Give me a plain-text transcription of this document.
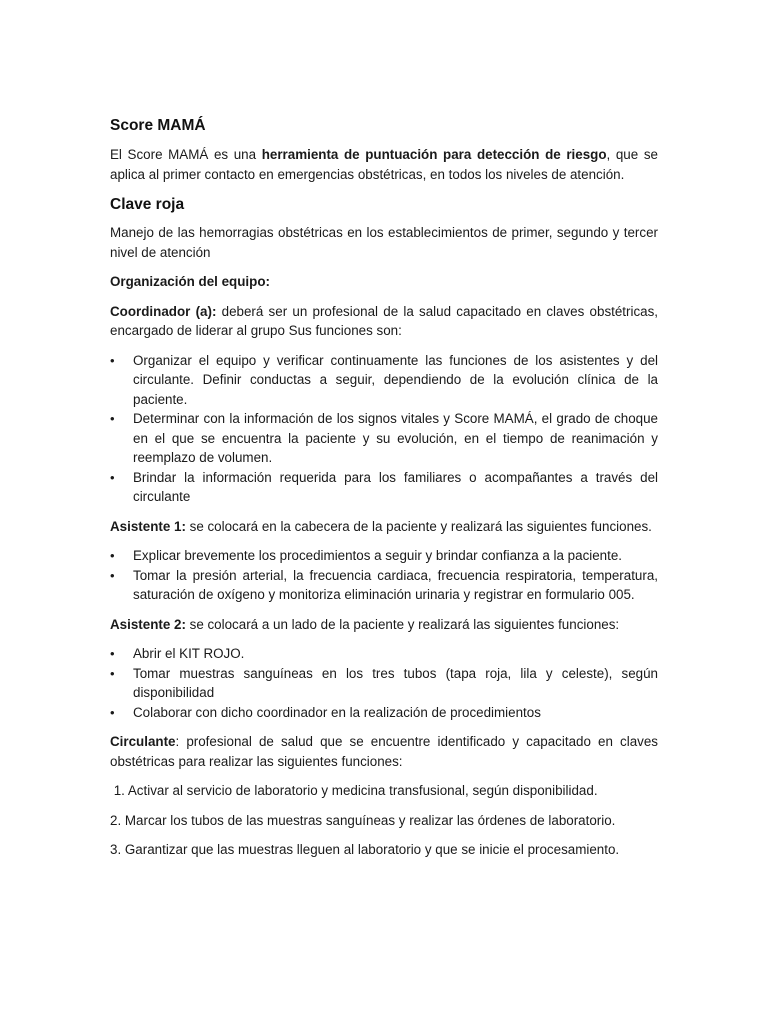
Score MAMÁ

El Score MAMÁ es una herramienta de puntuación para detección de riesgo, que se aplica al primer contacto en emergencias obstétricas, en todos los niveles de atención.

Clave roja

Manejo de las hemorragias obstétricas en los establecimientos de primer, segundo y tercer nivel de atención

Organización del equipo:

Coordinador (a): deberá ser un profesional de la salud capacitado en claves obstétricas, encargado de liderar al grupo Sus funciones son:

• Organizar el equipo y verificar continuamente las funciones de los asistentes y del circulante. Definir conductas a seguir, dependiendo de la evolución clínica de la paciente.
• Determinar con la información de los signos vitales y Score MAMÁ, el grado de choque en el que se encuentra la paciente y su evolución, en el tiempo de reanimación y reemplazo de volumen.
• Brindar la información requerida para los familiares o acompañantes a través del circulante

Asistente 1: se colocará en la cabecera de la paciente y realizará las siguientes funciones.

• Explicar brevemente los procedimientos a seguir y brindar confianza a la paciente.
• Tomar la presión arterial, la frecuencia cardiaca, frecuencia respiratoria, temperatura, saturación de oxígeno y monitoriza eliminación urinaria y registrar en formulario 005.

Asistente 2: se colocará a un lado de la paciente y realizará las siguientes funciones:

• Abrir el KIT ROJO.
• Tomar muestras sanguíneas en los tres tubos (tapa roja, lila y celeste), según disponibilidad
• Colaborar con dicho coordinador en la realización de procedimientos

Circulante: profesional de salud que se encuentre identificado y capacitado en claves obstétricas para realizar las siguientes funciones:

1. Activar al servicio de laboratorio y medicina transfusional, según disponibilidad.
2. Marcar los tubos de las muestras sanguíneas y realizar las órdenes de laboratorio.
3. Garantizar que las muestras lleguen al laboratorio y que se inicie el procesamiento.
